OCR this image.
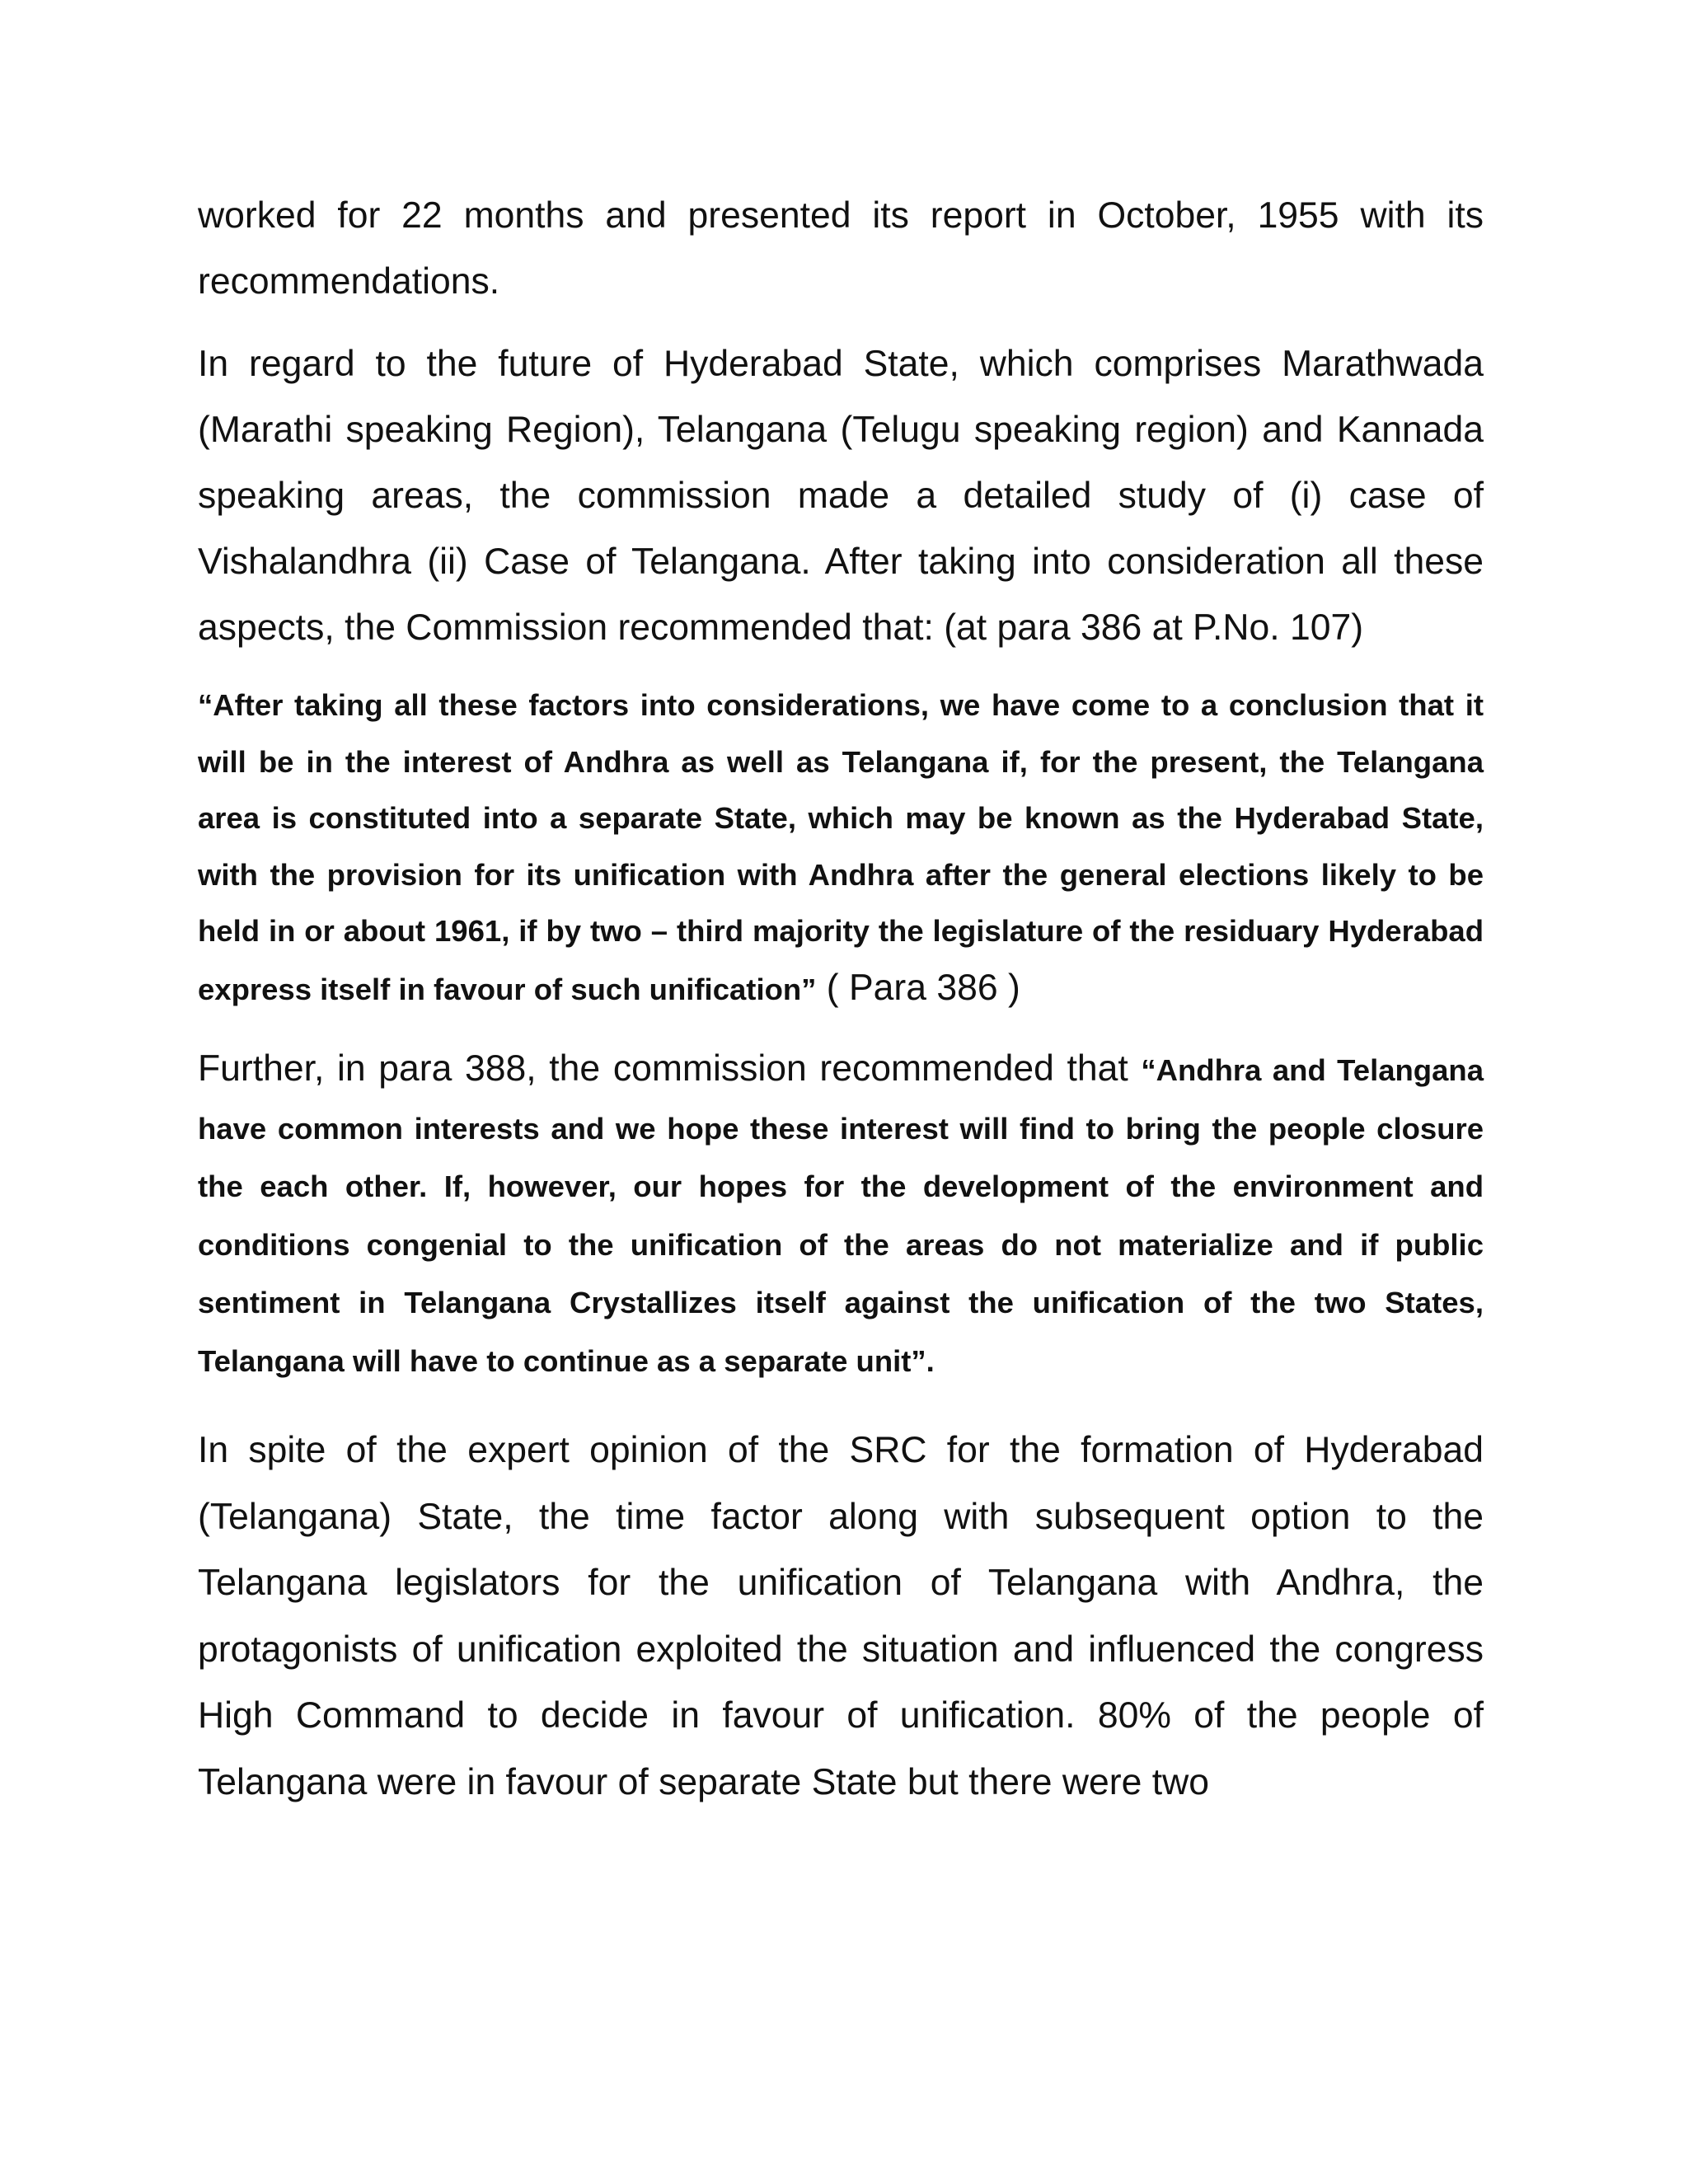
worked for 22 months and presented its report in October, 1955 with its recommendations.

In regard to the future of Hyderabad State, which comprises Marathwada (Marathi speaking Region), Telangana (Telugu speaking region) and Kannada speaking areas, the commission made a detailed study of (i) case of Vishalandhra (ii) Case of Telangana. After taking into consideration all these aspects, the Commission recommended that: (at para 386 at P.No. 107)

“After taking all these factors into considerations, we have come to a conclusion that it will be in the interest of Andhra as well as Telangana if, for the present, the Telangana area is constituted into a separate State, which may be known as the Hyderabad State, with the provision for its unification with Andhra after the general elections likely to be held in or about 1961, if by two – third majority the legislature of the residuary Hyderabad express itself in favour of such unification” ( Para 386 )

Further, in para 388, the commission recommended that “Andhra and Telangana have common interests and we hope these interest will find to bring the people closure the each other. If, however, our hopes for the development of the environment and conditions congenial to the unification of the areas do not materialize and if public sentiment in Telangana Crystallizes itself against the unification of the two States, Telangana will have to continue as a separate unit”.

In spite of the expert opinion of the SRC for the formation of Hyderabad (Telangana) State, the time factor along with subsequent option to the Telangana legislators for the unification of Telangana with Andhra, the protagonists of unification exploited the situation and influenced the congress High Command to decide in favour of unification. 80% of the people of Telangana were in favour of separate State but there were two
